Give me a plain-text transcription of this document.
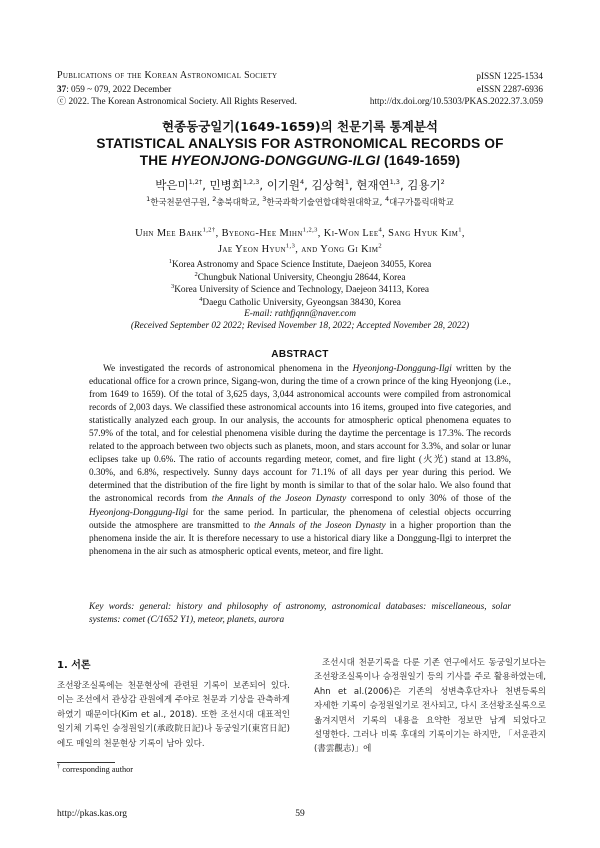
Publications of the Korean Astronomical Society
37: 059 ~ 079, 2022 December
ⓒ 2022. The Korean Astronomical Society. All Rights Reserved.
pISSN 1225-1534
eISSN 2287-6936
http://dx.doi.org/10.5303/PKAS.2022.37.3.059
현종동궁일기(1649-1659)의 천문기록 통계분석
STATISTICAL ANALYSIS FOR ASTRONOMICAL RECORDS OF
THE HYEONJONG-DONGGUNG-ILGI (1649-1659)
박은미$^{1,2\dagger}$, 민병희$^{1,2,3}$, 이기원$^4$, 김상혁$^1$, 현재연$^{1,3}$, 김용기$^2$
$^1$한국천문연구원, $^2$충북대학교, $^3$한국과학기술연합대학원대학교, $^4$대구가톨릭대학교
Uhn Mee Bahk$^{1,2\dagger}$, Byeong-Hee Mihn$^{1,2,3}$, Ki-Won Lee$^4$, Sang Hyuk Kim$^1$,
Jae Yeon Hyun$^{1,3}$, and Yong Gi Kim$^2$
$^1$Korea Astronomy and Space Science Institute, Daejeon 34055, Korea
$^2$Chungbuk National University, Cheongju 28644, Korea
$^3$Korea University of Science and Technology, Daejeon 34113, Korea
$^4$Daegu Catholic University, Gyeongsan 38430, Korea
E-mail: rathfjqnn@naver.com
(Received September 02 2022; Revised November 18, 2022; Accepted November 28, 2022)
ABSTRACT

We investigated the records of astronomical phenomena in the Hyeonjong-Donggung-Ilgi written by the educational office for a crown prince, Sigang-won, during the time of a crown prince of the king Hyeonjong (i.e., from 1649 to 1659). Of the total of 3,625 days, 3,044 astronomical accounts were compiled from astronomical records of 2,003 days. We classified these astronomical accounts into 16 items, grouped into five categories, and statistically analyzed each group. In our analysis, the accounts for atmospheric optical phenomena equates to 57.9% of the total, and for celestial phenomena visible during the daytime the percentage is 17.3%. The records related to the approach between two objects such as planets, moon, and stars account for 3.3%, and solar or lunar eclipses take up 0.6%. The ratio of accounts regarding meteor, comet, and fire light (火光) stand at 13.8%, 0.30%, and 6.8%, respectively. Sunny days account for 71.1% of all days per year during this period. We determined that the distribution of the fire light by month is similar to that of the solar halo. We also found that the astronomical records from the Annals of the Joseon Dynasty correspond to only 30% of those of the Hyeonjong-Donggung-Ilgi for the same period. In particular, the phenomena of celestial objects occurring outside the atmosphere are transmitted to the Annals of the Joseon Dynasty in a higher proportion than the phenomena inside the air. It is therefore necessary to use a historical diary like a Donggung-Ilgi to interpret the phenomena in the air such as atmospheric optical events, meteor, and fire light.

Key words: general: history and philosophy of astronomy, astronomical databases: miscellaneous, solar systems: comet (C/1652 Y1), meteor, planets, aurora

1. 서론

조선왕조실록에는 천문현상에 관련된 기록이 보존되어 있다. 이는 조선에서 관상감 관원에게 주야로 천문과 기상을 관측하게 하였기 때문이다(Kim et al., 2018). 또한 조선시대 대표적인 일기체 기록인 승정원일기(承政院日記)나 동궁일기(東宮日記)에도 매일의 천문현상 기록이 남아 있다.

조선시대 천문기록을 다룬 기존 연구에서도 동궁일기보다는 조선왕조실록이나 승정원일기 등의 기사를 주로 활용하였는데, Ahn et al.(2006)은 기존의 성변측후단자나 천변등록의 자세한 기록이 승정원일기로 전사되고, 다시 조선왕조실록으로 옮겨지면서 기록의 내용을 요약한 정보만 남게 되었다고 설명한다. 그러나 비록 후대의 기록이기는 하지만, 「서운관지(書雲觀志)」에

† corresponding author
http://pkas.kas.org	59
